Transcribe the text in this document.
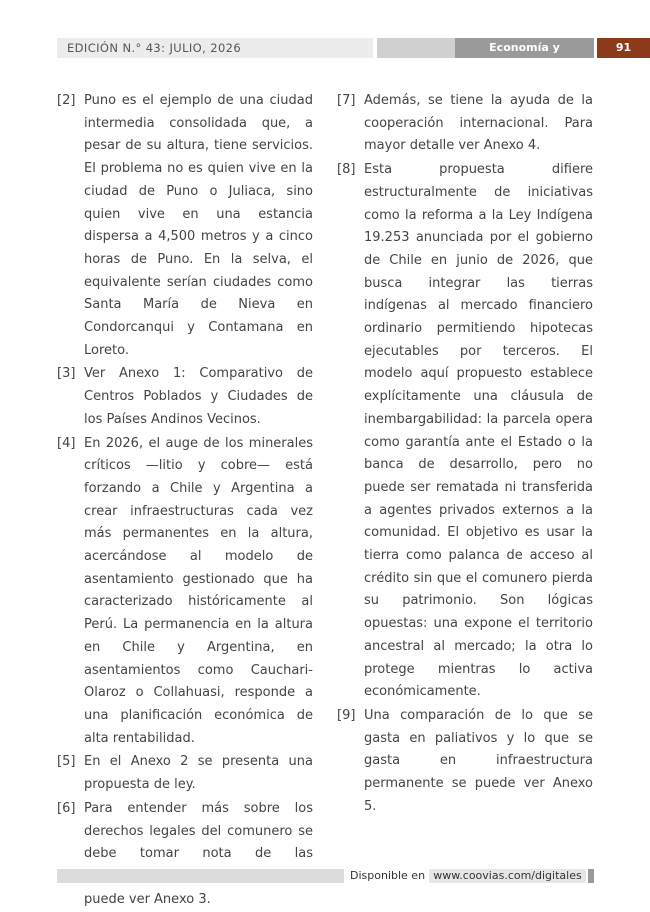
EDICIÓN N.° 43: JULIO, 2026	Economía y Actualidad
91
[2] Puno es el ejemplo de una ciudad intermedia consolidada que, a pesar de su altura, tiene servicios. El problema no es quien vive en la ciudad de Puno o Juliaca, sino quien vive en una estancia dispersa a 4,500 metros y a cinco horas de Puno. En la selva, el equivalente serían ciudades como Santa María de Nieva en Condorcanqui y Contamana en Loreto.
[3] Ver Anexo 1: Comparativo de Centros Poblados y Ciudades de los Países Andinos Vecinos.
[4] En 2026, el auge de los minerales críticos —litio y cobre— está forzando a Chile y Argentina a crear infraestructuras cada vez más permanentes en la altura, acercándose al modelo de asentamiento gestionado que ha caracterizado históricamente al Perú. La permanencia en la altura en Chile y Argentina, en asentamientos como Cauchari-Olaroz o Collahuasi, responde a una planificación económica de alta rentabilidad.
[5] En el Anexo 2 se presenta una propuesta de ley.
[6] Para entender más sobre los derechos legales del comunero se debe tomar nota de las puede ver Anexo 3.
[7] Además, se tiene la ayuda de la cooperación internacional. Para mayor detalle ver Anexo 4.
[8] Esta propuesta difiere estructuralmente de iniciativas como la reforma a la Ley Indígena 19.253 anunciada por el gobierno de Chile en junio de 2026, que busca integrar las tierras indígenas al mercado financiero ordinario permitiendo hipotecas ejecutables por terceros. El modelo aquí propuesto establece explícitamente una cláusula de inembargabilidad: la parcela opera como garantía ante el Estado o la banca de desarrollo, pero no puede ser rematada ni transferida a agentes privados externos a la comunidad. El objetivo es usar la tierra como palanca de acceso al crédito sin que el comunero pierda su patrimonio. Son lógicas opuestas: una expone el territorio ancestral al mercado; la otra lo protege mientras lo activa económicamente.
[9] Una comparación de lo que se gasta en paliativos y lo que se gasta en infraestructura permanente se puede ver Anexo 5.
Disponible en www.coovias.com/digitales
